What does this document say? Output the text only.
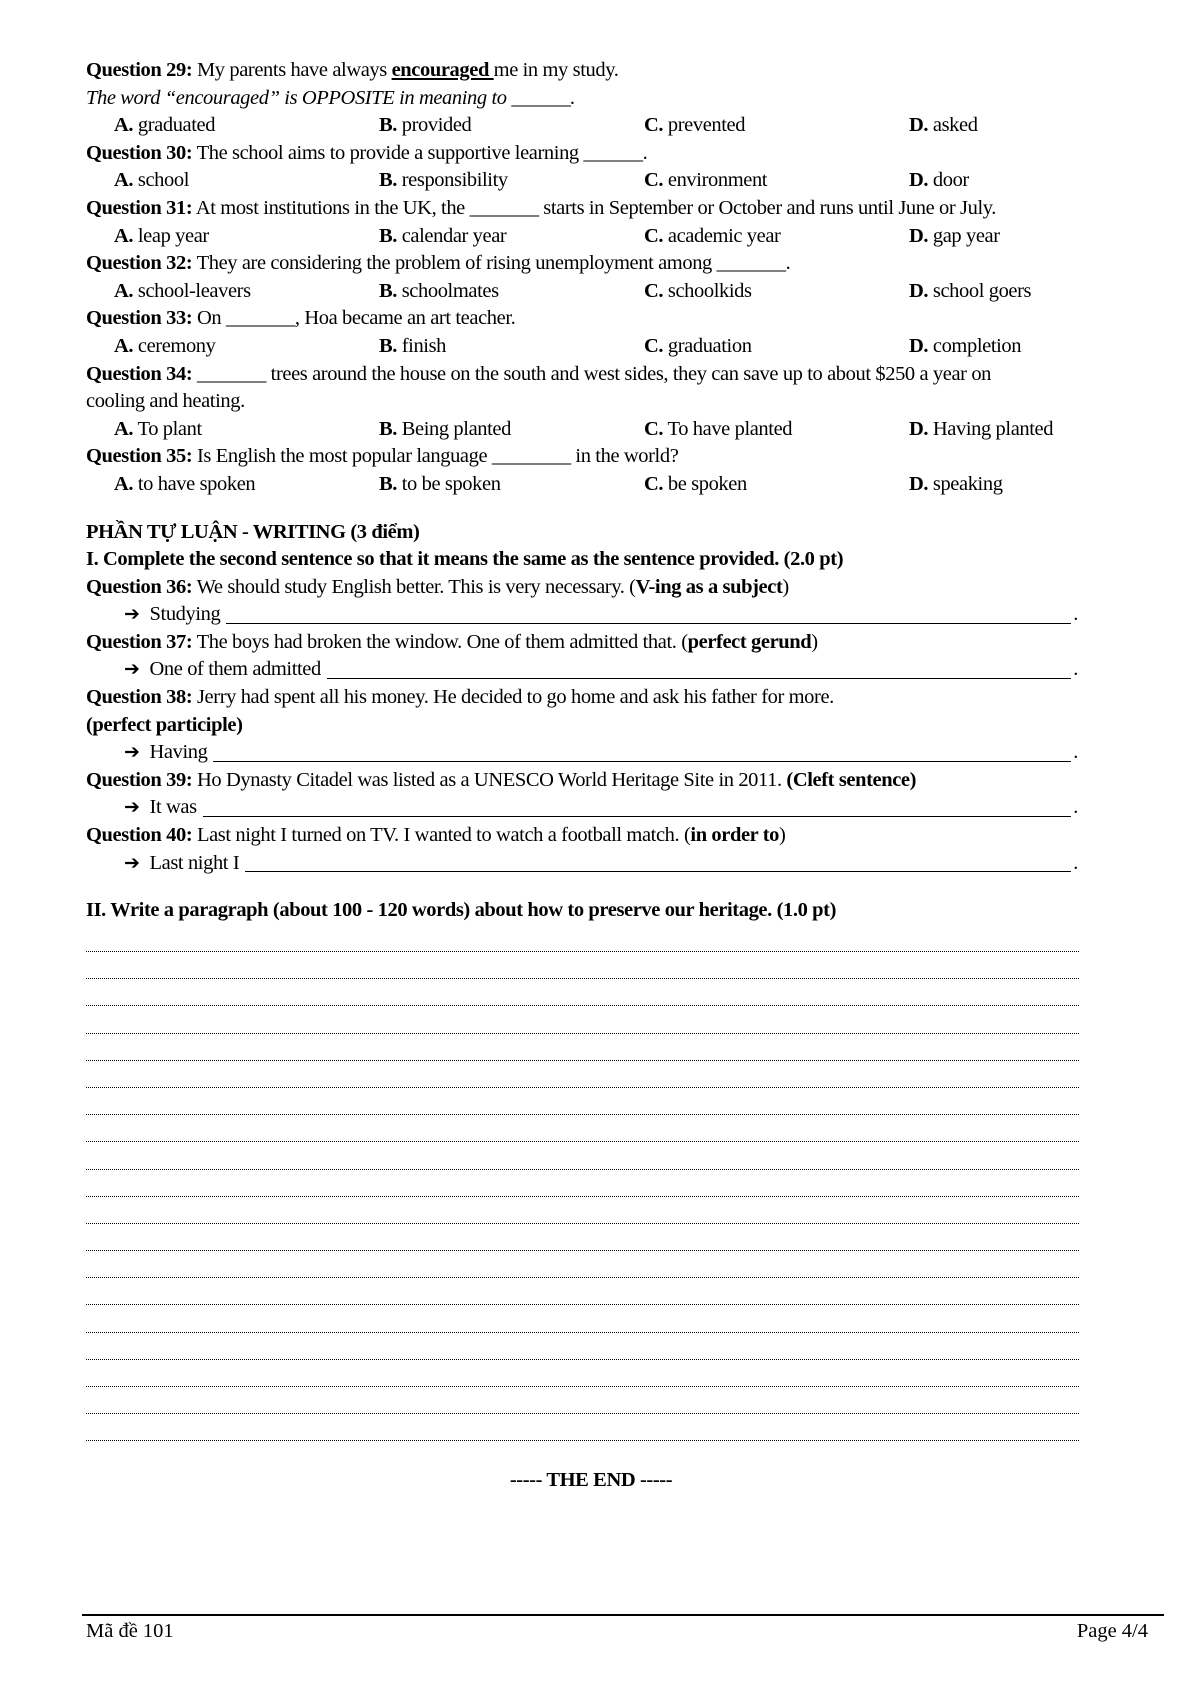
Question 29: My parents have always encouraged me in my study.
The word “encouraged” is OPPOSITE in meaning to ______.
A. graduated	B. provided	C. prevented	D. asked
Question 30: The school aims to provide a supportive learning ______.
A. school	B. responsibility	C. environment	D. door
Question 31: At most institutions in the UK, the _______ starts in September or October and runs until June or July.
A. leap year	B. calendar year	C. academic year	D. gap year
Question 32: They are considering the problem of rising unemployment among _______.
A. school-leavers	B. schoolmates	C. schoolkids	D. school goers
Question 33: On _______, Hoa became an art teacher.
A. ceremony	B. finish	C. graduation	D. completion
Question 34: _______ trees around the house on the south and west sides, they can save up to about $250 a year on
cooling and heating.
A. To plant	B. Being planted	C. To have planted	D. Having planted
Question 35: Is English the most popular language ________ in the world?
A. to have spoken	B. to be spoken	C. be spoken	D. speaking
PHẦN TỰ LUẬN - WRITING (3 điểm)
I. Complete the second sentence so that it means the same as the sentence provided. (2.0 pt)
Question 36: We should study English better. This is very necessary. (V-ing as a subject)
➔ Studying	.
Question 37: The boys had broken the window. One of them admitted that. (perfect gerund)
➔ One of them admitted	.
Question 38: Jerry had spent all his money. He decided to go home and ask his father for more.
(perfect participle)
➔ Having	.
Question 39: Ho Dynasty Citadel was listed as a UNESCO World Heritage Site in 2011. (Cleft sentence)
➔ It was	.
Question 40: Last night I turned on TV. I wanted to watch a football match. (in order to)
➔ Last night I	.
II. Write a paragraph (about 100 - 120 words) about how to preserve our heritage. (1.0 pt)
----- THE END -----
Mã đề 101	Page 4/4
